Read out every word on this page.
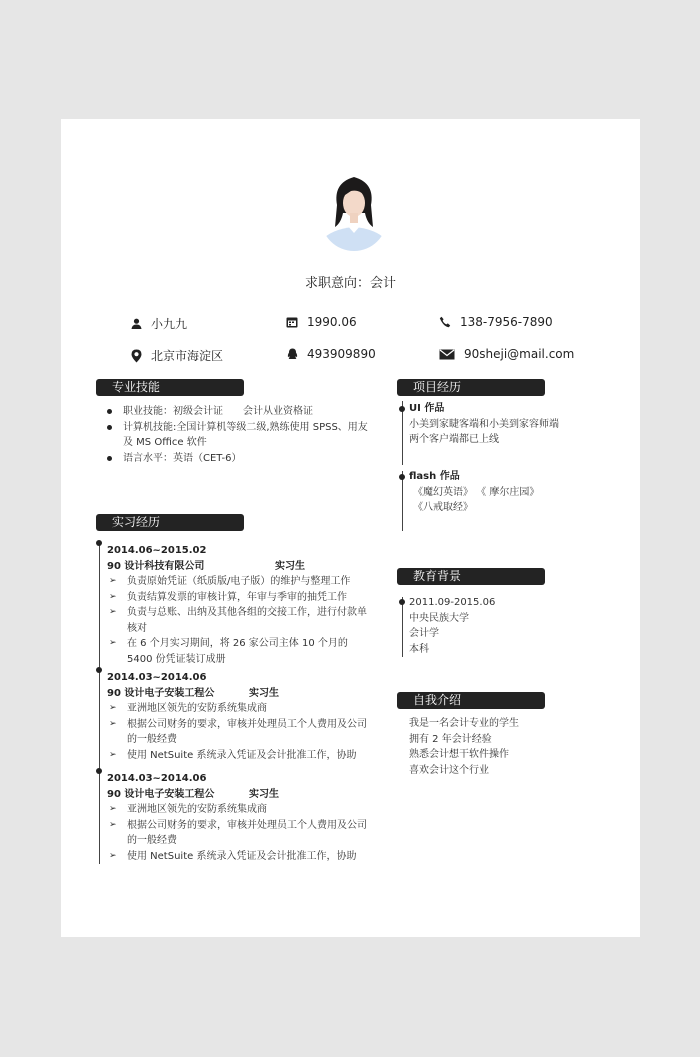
求职意向：会计
小九九	1990.06	138-7956-7890
北京市海淀区	493909890	90sheji@mail.com
专业技能
职业技能：初级会计证　　会计从业资格证
计算机技能:全国计算机等级二级,熟练使用 SPSS、用友及 MS Office 软件
语言水平：英语（CET-6）
实习经历
2014.06~2015.02
90 设计科技有限公司	实习生
➢ 负责原始凭证（纸质版/电子版）的维护与整理工作
➢ 负责结算发票的审核计算，年审与季审的抽凭工作
➢ 负责与总账、出纳及其他各组的交接工作，进行付款单核对
➢ 在 6 个月实习期间，将 26 家公司主体 10 个月的 5400 份凭证装订成册
2014.03~2014.06
90 设计电子安装工程公	实习生
➢ 亚洲地区领先的安防系统集成商
➢ 根据公司财务的要求，审核并处理员工个人费用及公司的一般经费
➢ 使用 NetSuite 系统录入凭证及会计批准工作，协助
2014.03~2014.06
90 设计电子安装工程公	实习生
➢ 亚洲地区领先的安防系统集成商
➢ 根据公司财务的要求，审核并处理员工个人费用及公司的一般经费
➢ 使用 NetSuite 系统录入凭证及会计批准工作，协助
项目经历
UI 作品
小美到家睫客端和小美到家容师端
两个客户端都已上线
flash 作品
《魔幻英语》 《 摩尔庄园》
《八戒取经》
教育背景
2011.09-2015.06
中央民族大学
会计学
本科
自我介绍
我是一名会计专业的学生
拥有 2 年会计经验
熟悉会计想干软件操作
喜欢会计这个行业
